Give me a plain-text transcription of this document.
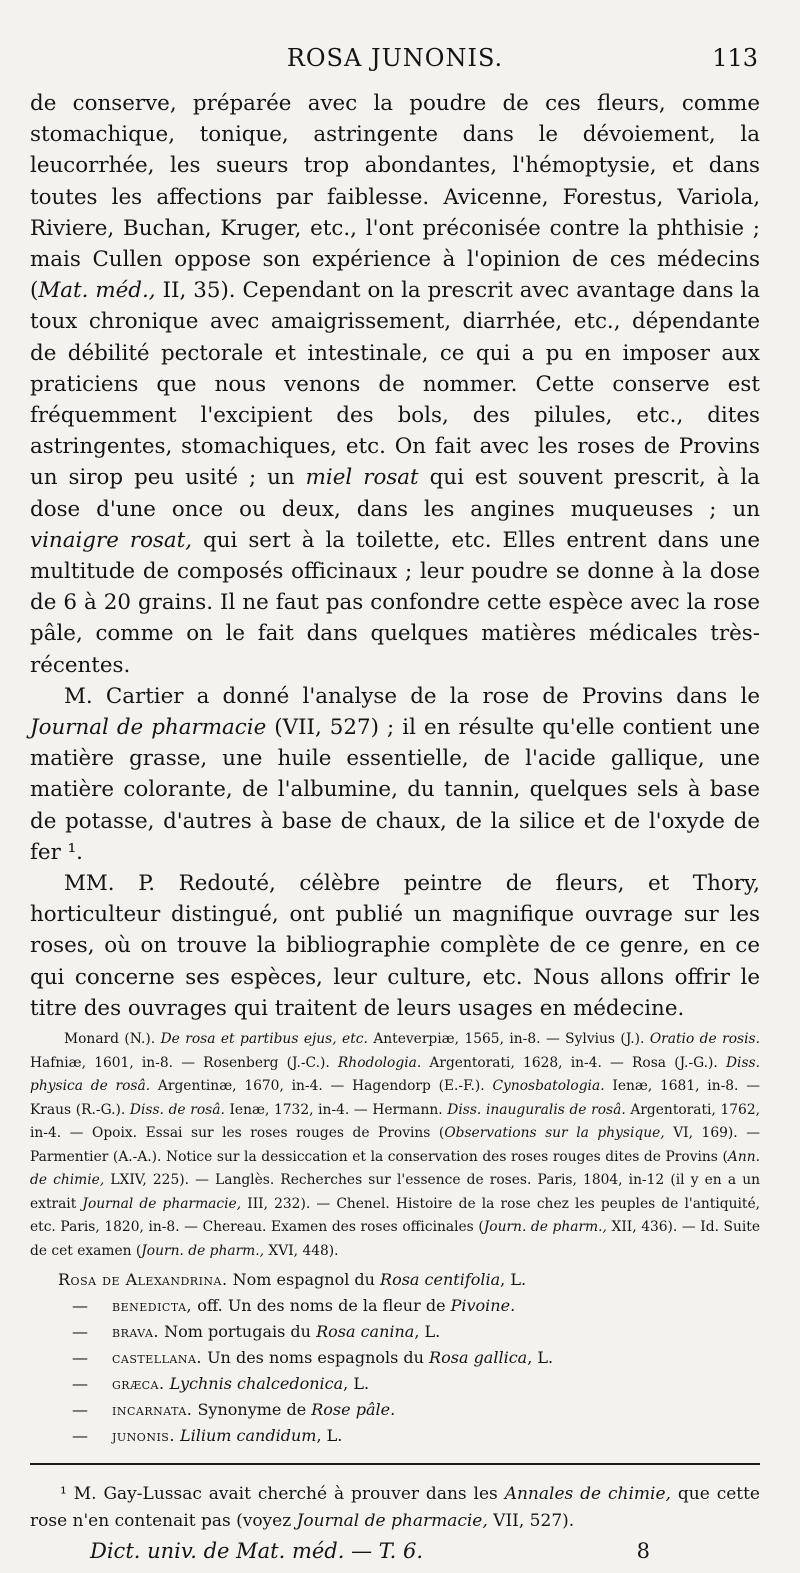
ROSA JUNONIS.	113

de conserve, préparée avec la poudre de ces fleurs, comme stomachique, tonique, astringente dans le dévoiement, la leucorrhée, les sueurs trop abondantes, l'hémoptysie, et dans toutes les affections par faiblesse. Avicenne, Forestus, Variola, Riviere, Buchan, Kruger, etc., l'ont préconisée contre la phthisie ; mais Cullen oppose son expérience à l'opinion de ces médecins (Mat. méd., II, 35). Cependant on la prescrit avec avantage dans la toux chronique avec amaigrissement, diarrhée, etc., dépendante de débilité pectorale et intestinale, ce qui a pu en imposer aux praticiens que nous venons de nommer. Cette conserve est fréquemment l'excipient des bols, des pilules, etc., dites astringentes, stomachiques, etc. On fait avec les roses de Provins un sirop peu usité ; un miel rosat qui est souvent prescrit, à la dose d'une once ou deux, dans les angines muqueuses ; un vinaigre rosat, qui sert à la toilette, etc. Elles entrent dans une multitude de composés officinaux ; leur poudre se donne à la dose de 6 à 20 grains. Il ne faut pas confondre cette espèce avec la rose pâle, comme on le fait dans quelques matières médicales très-récentes.

M. Cartier a donné l'analyse de la rose de Provins dans le Journal de pharmacie (VII, 527) ; il en résulte qu'elle contient une matière grasse, une huile essentielle, de l'acide gallique, une matière colorante, de l'albumine, du tannin, quelques sels à base de potasse, d'autres à base de chaux, de la silice et de l'oxyde de fer ¹.

MM. P. Redouté, célèbre peintre de fleurs, et Thory, horticulteur distingué, ont publié un magnifique ouvrage sur les roses, où on trouve la bibliographie complète de ce genre, en ce qui concerne ses espèces, leur culture, etc. Nous allons offrir le titre des ouvrages qui traitent de leurs usages en médecine.

Monard (N.). De rosa et partibus ejus, etc. Anteverpiæ, 1565, in-8. — Sylvius (J.). Oratio de rosis. Hafniæ, 1601, in-8. — Rosenberg (J.-C.). Rhodologia. Argentorati, 1628, in-4. — Rosa (J.-G.). Diss. physica de rosâ. Argentinæ, 1670, in-4. — Hagendorp (E.-F.). Cynosbatologia. Ienæ, 1681, in-8. — Kraus (R.-G.). Diss. de rosâ. Ienæ, 1732, in-4. — Hermann. Diss. inauguralis de rosâ. Argentorati, 1762, in-4. — Opoix. Essai sur les roses rouges de Provins (Observations sur la physique, VI, 169). — Parmentier (A.-A.). Notice sur la dessiccation et la conservation des roses rouges dites de Provins (Ann. de chimie, LXIV, 225). — Langlès. Recherches sur l'essence de roses. Paris, 1804, in-12 (il y en a un extrait Journal de pharmacie, III, 232). — Chenel. Histoire de la rose chez les peuples de l'antiquité, etc. Paris, 1820, in-8. — Chereau. Examen des roses officinales (Journ. de pharm., XII, 436). — Id. Suite de cet examen (Journ. de pharm., XVI, 448).
Rosa de Alexandrina. Nom espagnol du Rosa centifolia, L.
— benedicta, off. Un des noms de la fleur de Pivoine.
— brava. Nom portugais du Rosa canina, L.
— castellana. Un des noms espagnols du Rosa gallica, L.
— græca. Lychnis chalcedonica, L.
— incarnata. Synonyme de Rose pâle.
— junonis. Lilium candidum, L.
¹ M. Gay-Lussac avait cherché à prouver dans les Annales de chimie, que cette rose n'en contenait pas (voyez Journal de pharmacie, VII, 527).
Dict. univ. de Mat. méd. — T. 6.	8
